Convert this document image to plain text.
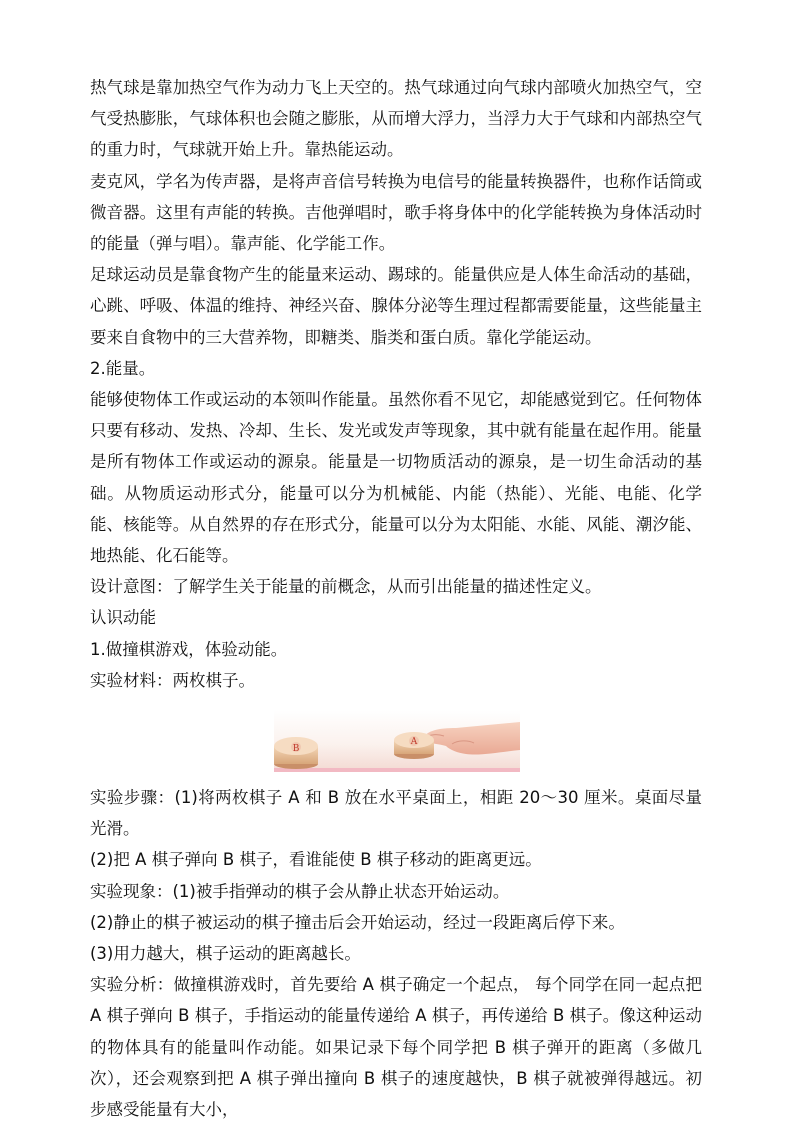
热气球是靠加热空气作为动力飞上天空的。热气球通过向气球内部喷火加热空气，空气受热膨胀，气球体积也会随之膨胀，从而增大浮力，当浮力大于气球和内部热空气的重力时，气球就开始上升。靠热能运动。

麦克风，学名为传声器，是将声音信号转换为电信号的能量转换器件，也称作话筒或微音器。这里有声能的转换。吉他弹唱时，歌手将身体中的化学能转换为身体活动时的能量（弹与唱）。靠声能、化学能工作。

足球运动员是靠食物产生的能量来运动、踢球的。能量供应是人体生命活动的基础，心跳、呼吸、体温的维持、神经兴奋、腺体分泌等生理过程都需要能量，这些能量主要来自食物中的三大营养物，即糖类、脂类和蛋白质。靠化学能运动。

2.能量。

能够使物体工作或运动的本领叫作能量。虽然你看不见它，却能感觉到它。任何物体只要有移动、发热、冷却、生长、发光或发声等现象，其中就有能量在起作用。能量是所有物体工作或运动的源泉。能量是一切物质活动的源泉，是一切生命活动的基础。从物质运动形式分，能量可以分为机械能、内能（热能）、光能、电能、化学能、核能等。从自然界的存在形式分，能量可以分为太阳能、水能、风能、潮汐能、地热能、化石能等。

设计意图：了解学生关于能量的前概念，从而引出能量的描述性定义。

认识动能

1.做撞棋游戏，体验动能。

实验材料：两枚棋子。

B
A

实验步骤：(1)将两枚棋子 A 和 B 放在水平桌面上，相距 20～30 厘米。桌面尽量光滑。

(2)把 A 棋子弹向 B 棋子，看谁能使 B 棋子移动的距离更远。

实验现象：(1)被手指弹动的棋子会从静止状态开始运动。

(2)静止的棋子被运动的棋子撞击后会开始运动，经过一段距离后停下来。

(3)用力越大，棋子运动的距离越长。

实验分析：做撞棋游戏时，首先要给 A 棋子确定一个起点， 每个同学在同一起点把 A 棋子弹向 B 棋子，手指运动的能量传递给 A 棋子，再传递给 B 棋子。像这种运动的物体具有的能量叫作动能。如果记录下每个同学把 B 棋子弹开的距离（多做几次），还会观察到把 A 棋子弹出撞向 B 棋子的速度越快，B 棋子就被弹得越远。初步感受能量有大小，
